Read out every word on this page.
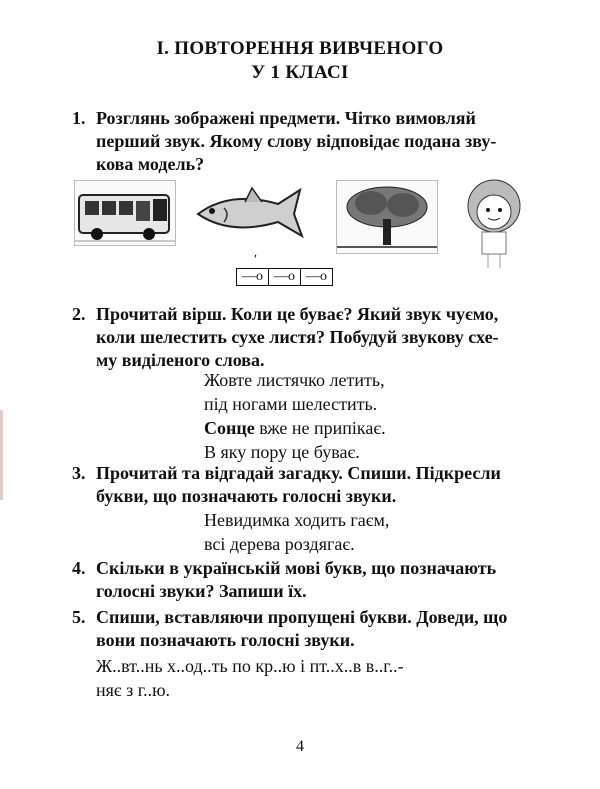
I. ПОВТОРЕННЯ ВИВЧЕНОГО
У 1 КЛАСІ
1. Розглянь зображені предмети. Чітко вимовляй
перший звук. Якому слову відповідає подана зву-
кова модель?
ʹ
—о —о —о
2. Прочитай вірш. Коли це буває? Який звук чуємо,
коли шелестить сухе листя? Побудуй звукову схе-
му виділеного слова.
Жовте листячко летить,
під ногами шелестить.
Сонце вже не припікає.
В яку пору це буває.
3. Прочитай та відгадай загадку. Спиши. Підкресли
букви, що позначають голосні звуки.
Невидимка ходить гаєм,
всі дерева роздягає.
4. Скільки в українській мові букв, що позначають
голосні звуки? Запиши їх.
5. Спиши, вставляючи пропущені букви. Доведи, що
вони позначають голосні звуки.
Ж..вт..нь х..од..ть по кр..ю і пт..х..в в..г..-
няє з г..ю.
4
